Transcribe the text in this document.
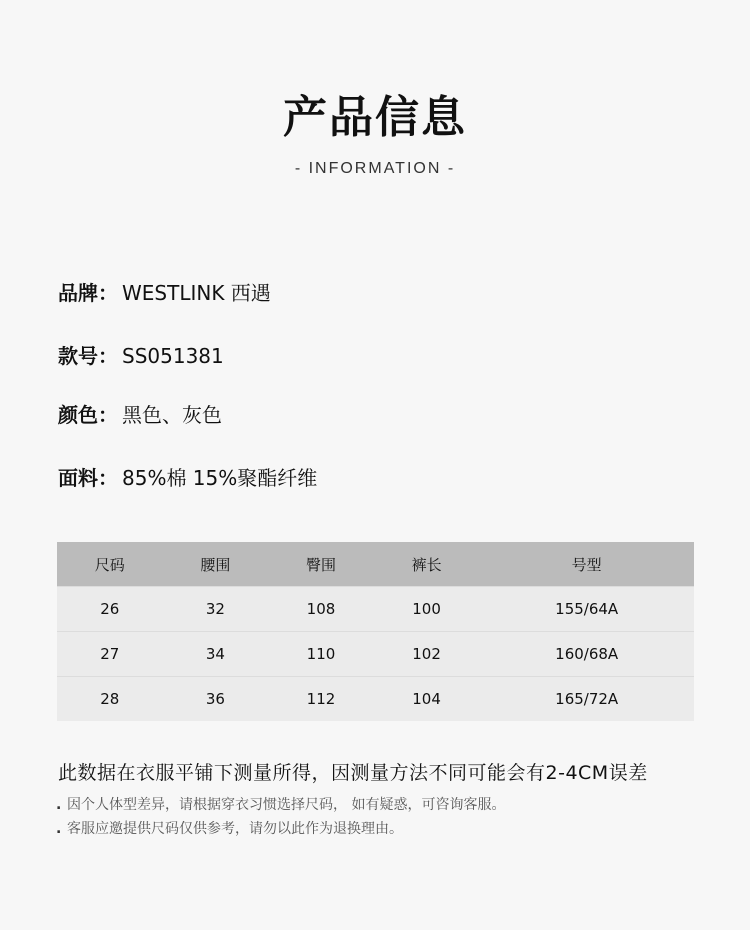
产品信息
- INFORMATION -
品牌： WESTLINK 西遇
款号： SS051381
颜色： 黑色、灰色
面料： 85%棉 15%聚酯纤维
尺码	腰围	臀围	裤长	号型
26	32	108	100	155/64A
27	34	110	102	160/68A
28	36	112	104	165/72A
此数据在衣服平铺下测量所得，因测量方法不同可能会有2-4CM误差
. 因个人体型差异，请根据穿衣习惯选择尺码， 如有疑惑，可咨询客服。
. 客服应邀提供尺码仅供参考，请勿以此作为退换理由。
